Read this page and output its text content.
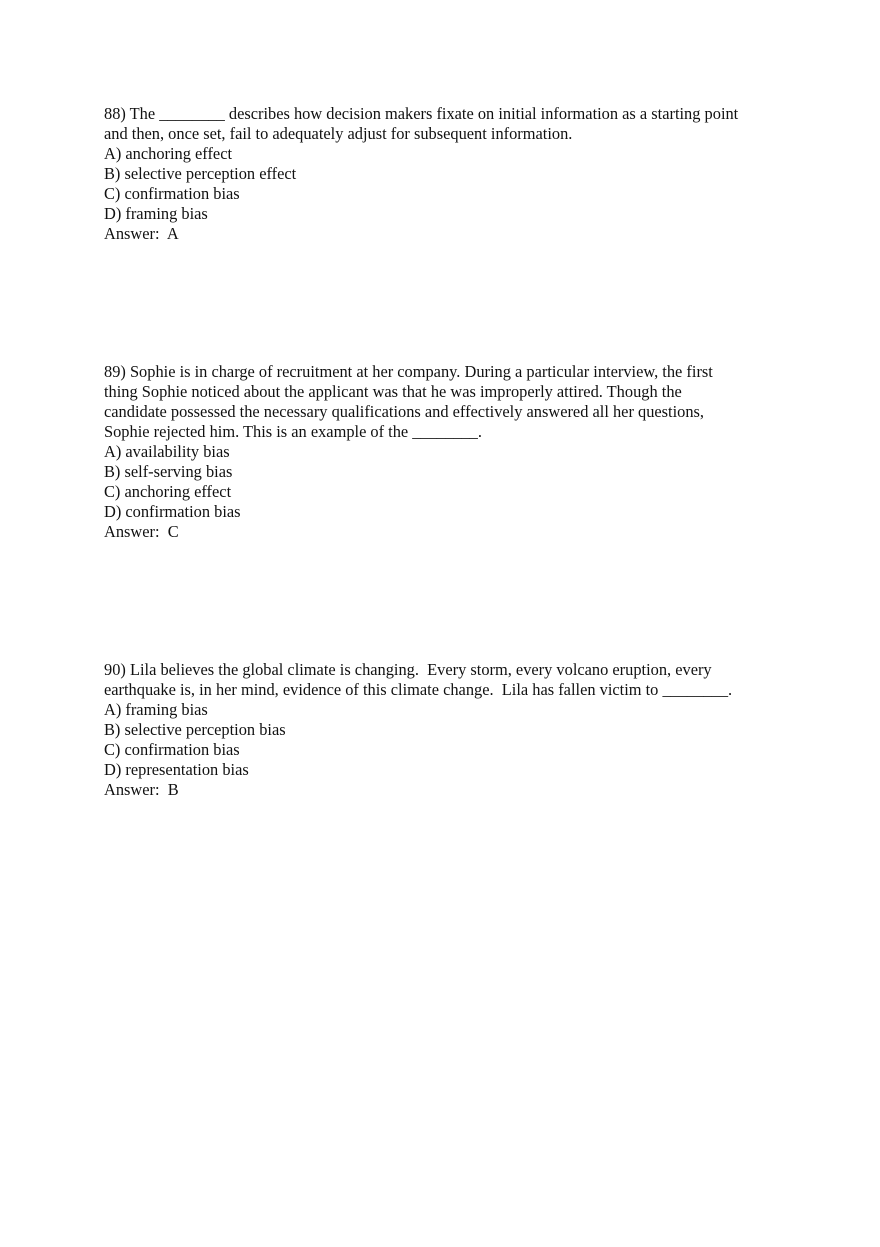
88) The ________ describes how decision makers fixate on initial information as a starting point
and then, once set, fail to adequately adjust for subsequent information.
A) anchoring effect
B) selective perception effect
C) confirmation bias
D) framing bias
Answer:  A
89) Sophie is in charge of recruitment at her company. During a particular interview, the first
thing Sophie noticed about the applicant was that he was improperly attired. Though the
candidate possessed the necessary qualifications and effectively answered all her questions,
Sophie rejected him. This is an example of the ________.
A) availability bias
B) self-serving bias
C) anchoring effect
D) confirmation bias
Answer:  C
90) Lila believes the global climate is changing.  Every storm, every volcano eruption, every
earthquake is, in her mind, evidence of this climate change.  Lila has fallen victim to ________.
A) framing bias
B) selective perception bias
C) confirmation bias
D) representation bias
Answer:  B
